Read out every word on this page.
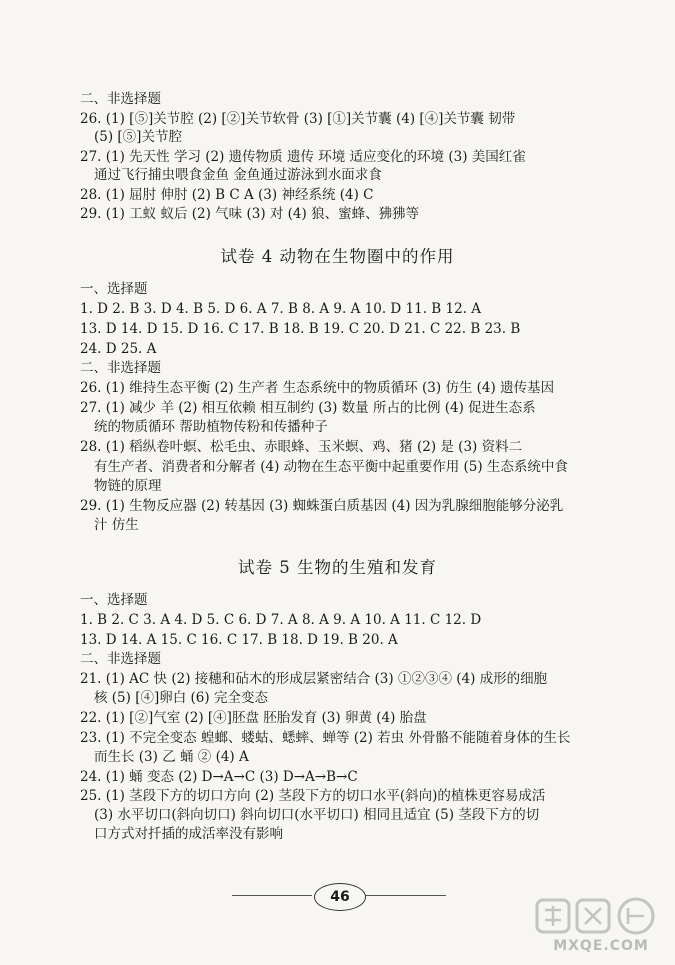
二、非选择题
26. (1) [⑤]关节腔 (2) [②]关节软骨 (3) [①]关节囊 (4) [④]关节囊 韧带
(5) [⑤]关节腔
27. (1) 先天性 学习 (2) 遗传物质 遗传 环境 适应变化的环境 (3) 美国红雀
通过飞行捕虫喂食金鱼 金鱼通过游泳到水面求食
28. (1) 屈肘 伸肘 (2) B C A (3) 神经系统 (4) C
29. (1) 工蚁 蚁后 (2) 气味 (3) 对 (4) 狼、蜜蜂、狒狒等
试卷 4 动物在生物圈中的作用
一、选择题
1. D 2. B 3. D 4. B 5. D 6. A 7. B 8. A 9. A 10. D 11. B 12. A
13. D 14. D 15. D 16. C 17. B 18. B 19. C 20. D 21. C 22. B 23. B
24. D 25. A
二、非选择题
26. (1) 维持生态平衡 (2) 生产者 生态系统中的物质循环 (3) 仿生 (4) 遗传基因
27. (1) 减少 羊 (2) 相互依赖 相互制约 (3) 数量 所占的比例 (4) 促进生态系
统的物质循环 帮助植物传粉和传播种子
28. (1) 稻纵卷叶螟、松毛虫、赤眼蜂、玉米螟、鸡、猪 (2) 是 (3) 资料二
有生产者、消费者和分解者 (4) 动物在生态平衡中起重要作用 (5) 生态系统中食
物链的原理
29. (1) 生物反应器 (2) 转基因 (3) 蜘蛛蛋白质基因 (4) 因为乳腺细胞能够分泌乳
汁 仿生
试卷 5 生物的生殖和发育
一、选择题
1. B 2. C 3. A 4. D 5. C 6. D 7. A 8. A 9. A 10. A 11. C 12. D
13. D 14. A 15. C 16. C 17. B 18. D 19. B 20. A
二、非选择题
21. (1) AC 快 (2) 接穗和砧木的形成层紧密结合 (3) ①②③④ (4) 成形的细胞
核 (5) [④]卵白 (6) 完全变态
22. (1) [②]气室 (2) [④]胚盘 胚胎发育 (3) 卵黄 (4) 胎盘
23. (1) 不完全变态 蝗螂、蝼蛄、蟋蟀、蝉等 (2) 若虫 外骨骼不能随着身体的生长
而生长 (3) 乙 蛹 ② (4) A
24. (1) 蛹 变态 (2) D→A→C (3) D→A→B→C
25. (1) 茎段下方的切口方向 (2) 茎段下方的切口水平(斜向)的植株更容易成活
(3) 水平切口(斜向切口) 斜向切口(水平切口) 相同且适宜 (5) 茎段下方的切
口方式对扦插的成活率没有影响
46
MXQE.COM
